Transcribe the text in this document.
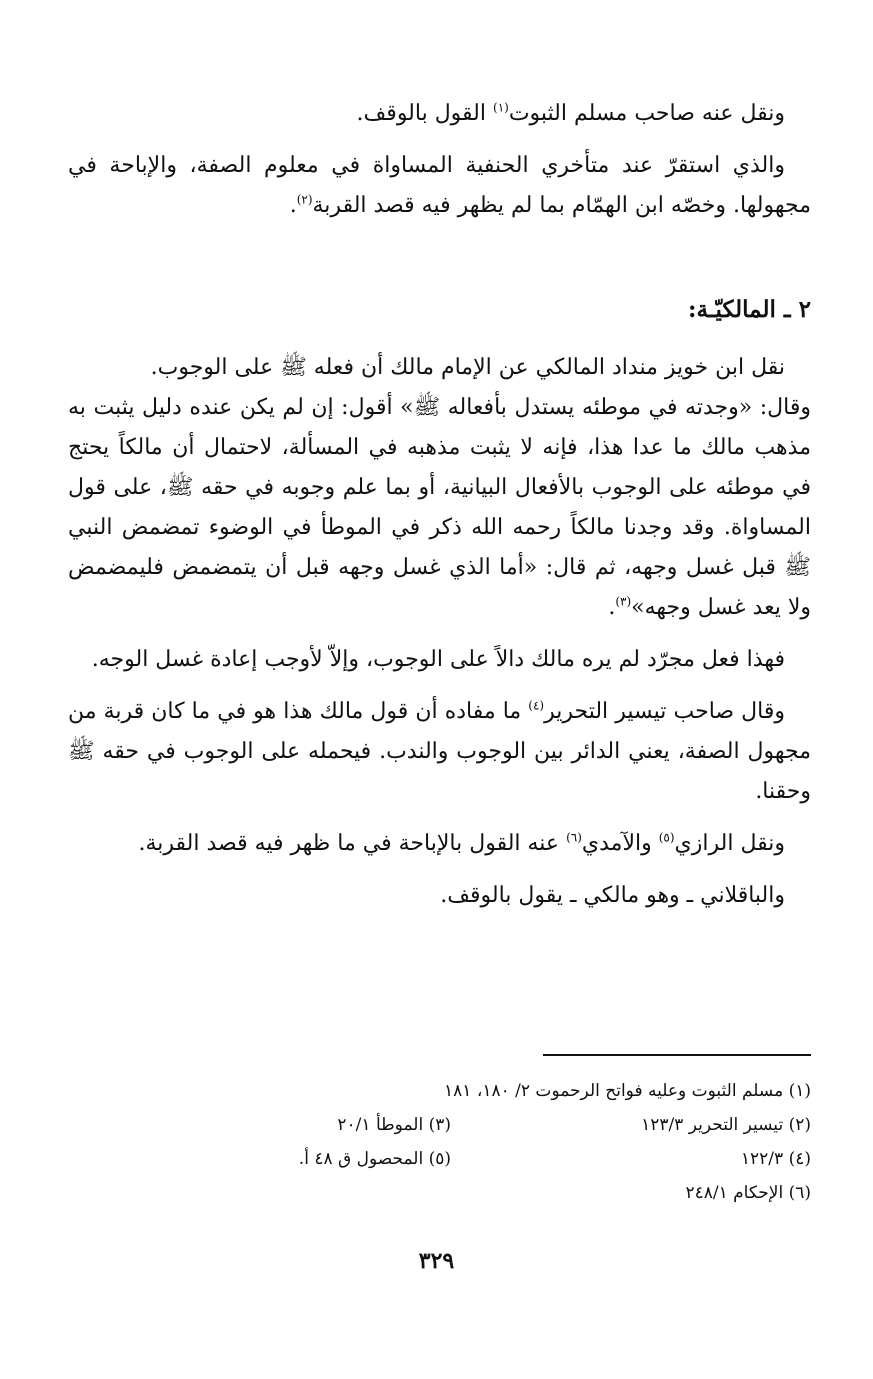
ونقل عنه صاحب مسلم الثبوت$^{(١)}$ القول بالوقف.

والذي استقرّ عند متأخري الحنفية المساواة في معلوم الصفة، والإباحة في مجهولها. وخصّه ابن الهمّام بما لم يظهر فيه قصد القربة$^{(٢)}$.

٢ ـ المالكيّـة:

نقل ابن خويز منداد المالكي عن الإمام مالك أن فعله ﷺ على الوجوب.

وقال: «وجدته في موطئه يستدل بأفعاله ﷺ» أقول: إن لم يكن عنده دليل يثبت به مذهب مالك ما عدا هذا، فإنه لا يثبت مذهبه في المسألة، لاحتمال أن مالكاً يحتج في موطئه على الوجوب بالأفعال البيانية، أو بما علم وجوبه في حقه ﷺ، على قول المساواة. وقد وجدنا مالكاً رحمه الله ذكر في الموطأ في الوضوء تمضمض النبي ﷺ قبل غسل وجهه، ثم قال: «أما الذي غسل وجهه قبل أن يتمضمض فليمضمض ولا يعد غسل وجهه»$^{(٣)}$.

فهذا فعل مجرّد لم يره مالك دالاً على الوجوب، وإلاّ لأوجب إعادة غسل الوجه.

وقال صاحب تيسير التحرير$^{(٤)}$ ما مفاده أن قول مالك هذا هو في ما كان قربة من مجهول الصفة، يعني الدائر بين الوجوب والندب. فيحمله على الوجوب في حقه ﷺ وحقنا.

ونقل الرازي$^{(٥)}$ والآمدي$^{(٦)}$ عنه القول بالإباحة في ما ظهر فيه قصد القربة.

والباقلاني ـ وهو مالكي ـ يقول بالوقف.

(١) مسلم الثبوت وعليه فواتح الرحموت ٢/ ١٨٠، ١٨١
(٢) تيسير التحرير ١٢٣/٣
(٣) الموطأ ٢٠/١
(٤) ١٢٢/٣
(٥) المحصول ق ٤٨ أ.
(٦) الإحكام ٢٤٨/١
٣٢٩
